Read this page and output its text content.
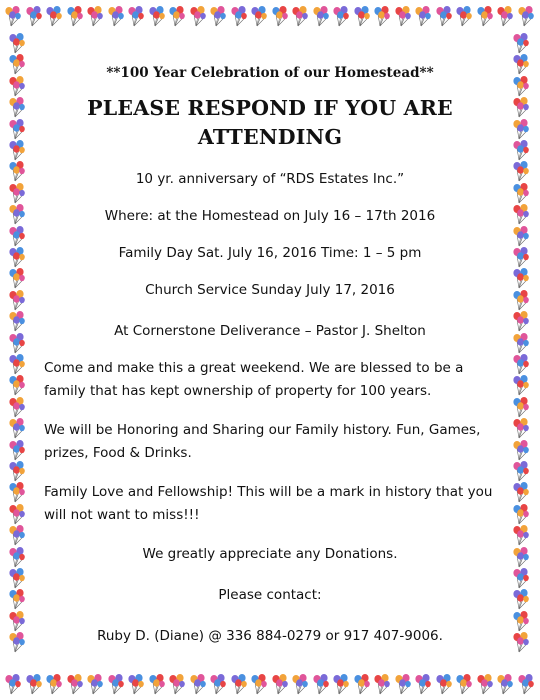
**100 Year Celebration of our Homestead**

PLEASE RESPOND IF YOU ARE ATTENDING

10 yr. anniversary of “RDS Estates Inc.”

Where: at the Homestead on July 16 – 17th 2016

Family Day Sat. July 16, 2016 Time: 1 – 5 pm

Church Service Sunday July 17, 2016

At Cornerstone Deliverance – Pastor J. Shelton

Come and make this a great weekend. We are blessed to be a family that has kept ownership of property for 100 years.

We will be Honoring and Sharing our Family history. Fun, Games, prizes, Food & Drinks.

Family Love and Fellowship! This will be a mark in history that you will not want to miss!!!

We greatly appreciate any Donations.

Please contact:

Ruby D. (Diane) @ 336 884-0279 or 917 407-9006.
